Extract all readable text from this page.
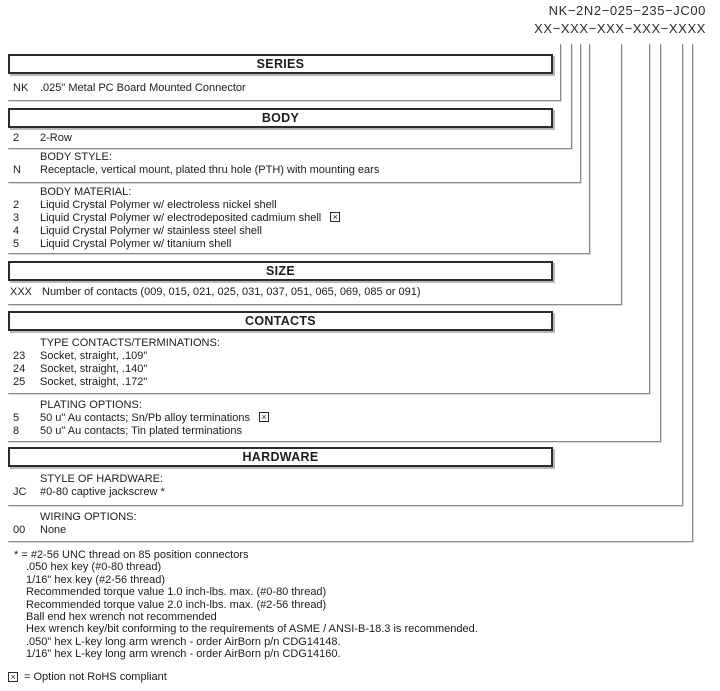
NK−2N2−025−235−JC00
XX−XXX−XXX−XXX−XXXX
SERIES
NK	.025" Metal PC Board Mounted Connector
BODY
2	2-Row
BODY STYLE:
N	Receptacle, vertical mount, plated thru hole (PTH) with mounting ears
BODY MATERIAL:
2	Liquid Crystal Polymer w/ electroless nickel shell
3	Liquid Crystal Polymer w/ electrodeposited cadmium shell ×
4	Liquid Crystal Polymer w/ stainless steel shell
5	Liquid Crystal Polymer w/ titanium shell
SIZE
XXX Number of contacts (009, 015, 021, 025, 031, 037, 051, 065, 069, 085 or 091)
CONTACTS
TYPE CONTACTS/TERMINATIONS:
23	Socket, straight, .109"
24	Socket, straight, .140"
25	Socket, straight, .172"
PLATING OPTIONS:
5	50 u" Au contacts; Sn/Pb alloy terminations ×
8	50 u" Au contacts; Tin plated terminations
HARDWARE
STYLE OF HARDWARE:
JC	#0-80 captive jackscrew *
WIRING OPTIONS:
00	None
* = #2-56 UNC thread on 85 position connectors
.050 hex key (#0-80 thread)
1/16" hex key (#2-56 thread)
Recommended torque value 1.0 inch-lbs. max. (#0-80 thread)
Recommended torque value 2.0 inch-lbs. max. (#2-56 thread)
Ball end hex wrench not recommended
Hex wrench key/bit conforming to the requirements of ASME / ANSI-B-18.3 is recommended.
.050" hex L-key long arm wrench - order AirBorn p/n CDG14148.
1/16" hex L-key long arm wrench - order AirBorn p/n CDG14160.
× = Option not RoHS compliant
